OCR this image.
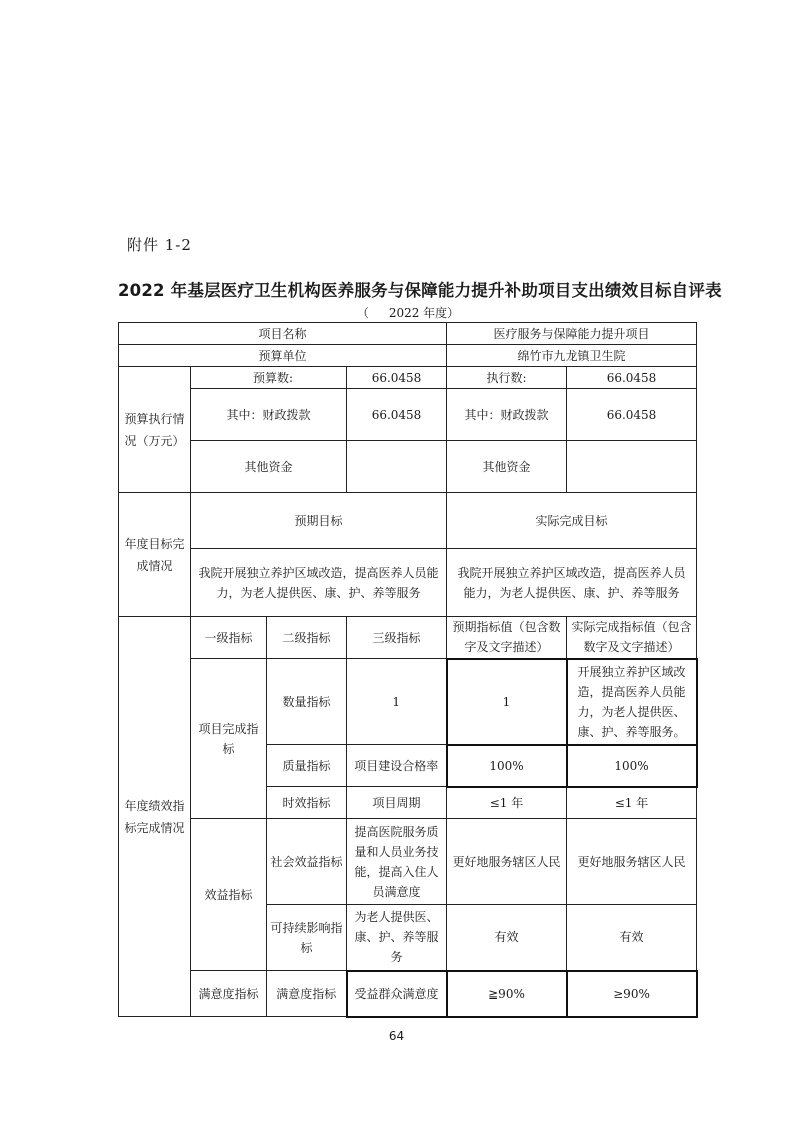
附件 1-2
2022 年基层医疗卫生机构医养服务与保障能力提升补助项目支出绩效目标自评表
（ 2022 年度）
项目名称				医疗服务与保障能力提升项目	
预算单位				绵竹市九龙镇卫生院	
预算执行情况（万元）	预算数:		66.0458	执行数:	66.0458
	其中：财政拨款		66.0458	其中：财政拨款	66.0458
	其他资金			其他资金	
年度目标完成情况	预期目标			实际完成目标	
	我院开展独立养护区域改造，提高医养人员能力，为老人提供医、康、护、养等服务			我院开展独立养护区域改造，提高医养人员能力，为老人提供医、康、护、养等服务	
年度绩效指标完成情况	一级指标	二级指标	三级指标	预期指标值（包含数字及文字描述）	实际完成指标值（包含数字及文字描述）
	项目完成指标	数量指标	1	1	开展独立养护区域改造，提高医养人员能力，为老人提供医、康、护、养等服务。
		质量指标	项目建设合格率	100%	100%
		时效指标	项目周期	≤1 年	≤1 年
	效益指标	社会效益指标	提高医院服务质量和人员业务技能，提高入住人员满意度	更好地服务辖区人民	更好地服务辖区人民
		可持续影响指标	为老人提供医、康、护、养等服务	有效	有效
	满意度指标	满意度指标	受益群众满意度	≧90%	≥90%
64
